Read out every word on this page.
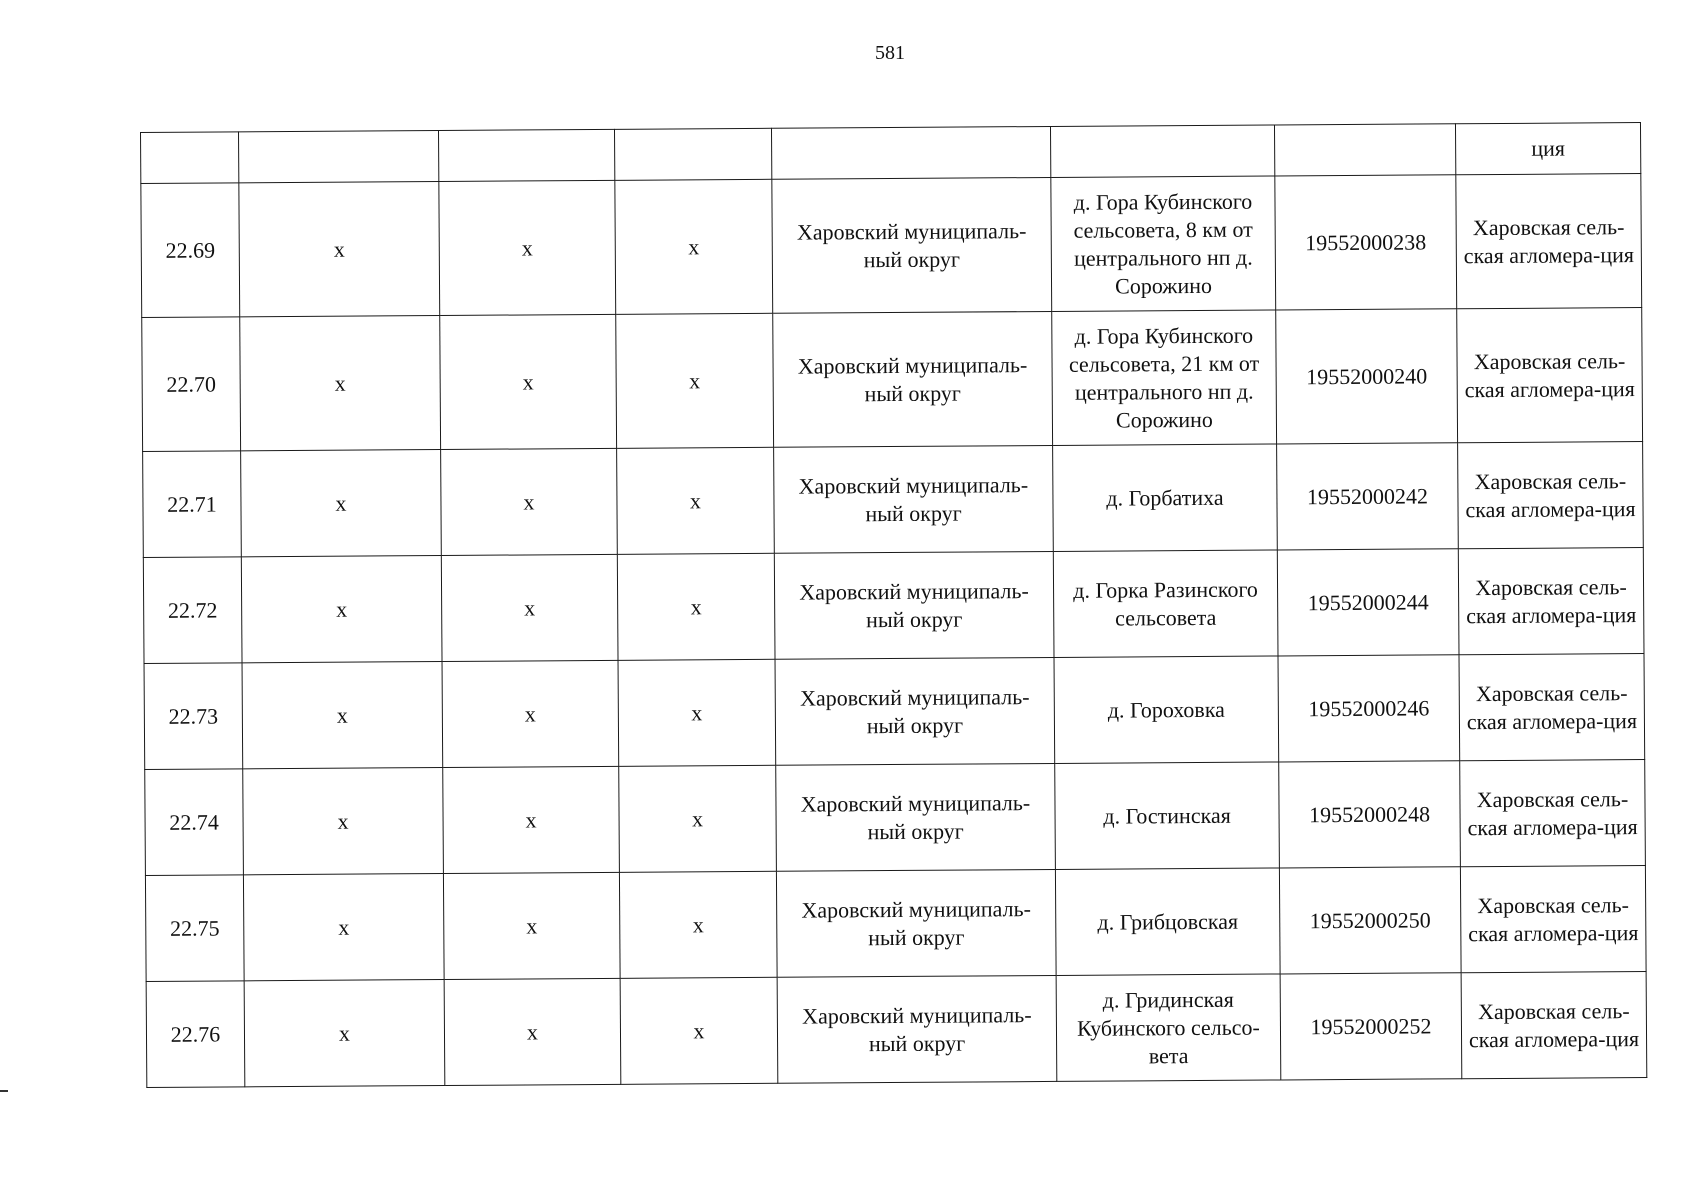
581
							ция
22.69	х	х	х	Харовский муниципаль-ный округ	д. Гора Кубинского сельсовета, 8 км от центрального нп д. Сорожино	19552000238	Харовская сель-ская агломера-ция
22.70	х	х	х	Харовский муниципаль-ный округ	д. Гора Кубинского сельсовета, 21 км от центрального нп д. Сорожино	19552000240	Харовская сель-ская агломера-ция
22.71	х	х	х	Харовский муниципаль-ный округ	д. Горбатиха	19552000242	Харовская сель-ская агломера-ция
22.72	х	х	х	Харовский муниципаль-ный округ	д. Горка Разинского сельсовета	19552000244	Харовская сель-ская агломера-ция
22.73	х	х	х	Харовский муниципаль-ный округ	д. Гороховка	19552000246	Харовская сель-ская агломера-ция
22.74	х	х	х	Харовский муниципаль-ный округ	д. Гостинская	19552000248	Харовская сель-ская агломера-ция
22.75	х	х	х	Харовский муниципаль-ный округ	д. Грибцовская	19552000250	Харовская сель-ская агломера-ция
22.76	х	х	х	Харовский муниципаль-ный округ	д. Гридинская Кубинского сельсо-вета	19552000252	Харовская сель-ская агломера-ция
